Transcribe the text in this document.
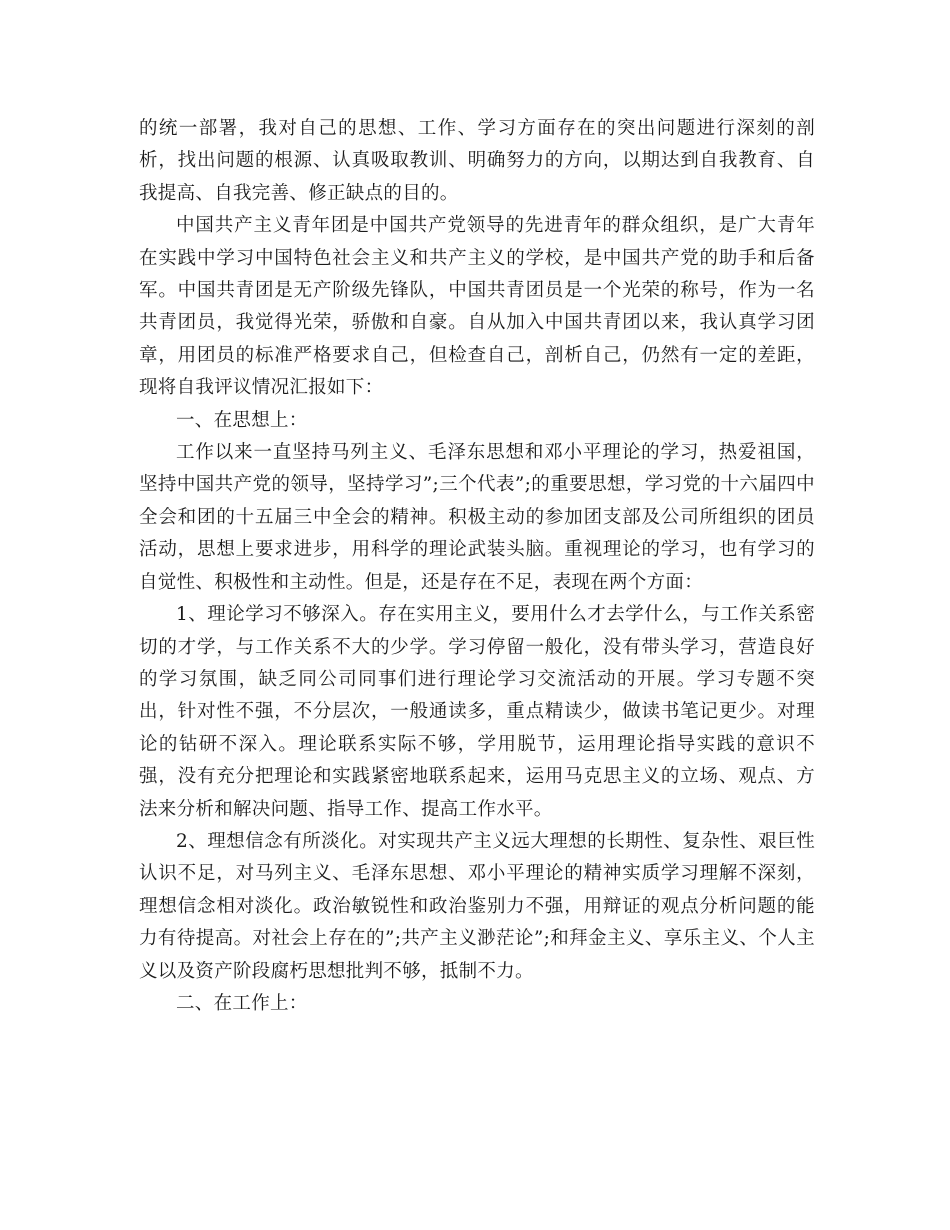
的统一部署，我对自己的思想、工作、学习方面存在的突出问题进行深刻的剖析，找出问题的根源、认真吸取教训、明确努力的方向，以期达到自我教育、自我提高、自我完善、修正缺点的目的。

中国共产主义青年团是中国共产党领导的先进青年的群众组织，是广大青年在实践中学习中国特色社会主义和共产主义的学校，是中国共产党的助手和后备军。中国共青团是无产阶级先锋队，中国共青团员是一个光荣的称号，作为一名共青团员，我觉得光荣，骄傲和自豪。自从加入中国共青团以来，我认真学习团章，用团员的标准严格要求自己，但检查自己，剖析自己，仍然有一定的差距，现将自我评议情况汇报如下：

一、在思想上：

工作以来一直坚持马列主义、毛泽东思想和邓小平理论的学习，热爱祖国，坚持中国共产党的领导，坚持学习”;三个代表”;的重要思想，学习党的十六届四中全会和团的十五届三中全会的精神。积极主动的参加团支部及公司所组织的团员活动，思想上要求进步，用科学的理论武装头脑。重视理论的学习，也有学习的自觉性、积极性和主动性。但是，还是存在不足，表现在两个方面：

1、理论学习不够深入。存在实用主义，要用什么才去学什么，与工作关系密切的才学，与工作关系不大的少学。学习停留一般化，没有带头学习，营造良好的学习氛围，缺乏同公司同事们进行理论学习交流活动的开展。学习专题不突出，针对性不强，不分层次，一般通读多，重点精读少，做读书笔记更少。对理论的钻研不深入。理论联系实际不够，学用脱节，运用理论指导实践的意识不强，没有充分把理论和实践紧密地联系起来，运用马克思主义的立场、观点、方法来分析和解决问题、指导工作、提高工作水平。

2、理想信念有所淡化。对实现共产主义远大理想的长期性、复杂性、艰巨性认识不足，对马列主义、毛泽东思想、邓小平理论的精神实质学习理解不深刻，理想信念相对淡化。政治敏锐性和政治鉴别力不强，用辩证的观点分析问题的能力有待提高。对社会上存在的”;共产主义渺茫论”;和拜金主义、享乐主义、个人主义以及资产阶段腐朽思想批判不够，抵制不力。

二、在工作上：
